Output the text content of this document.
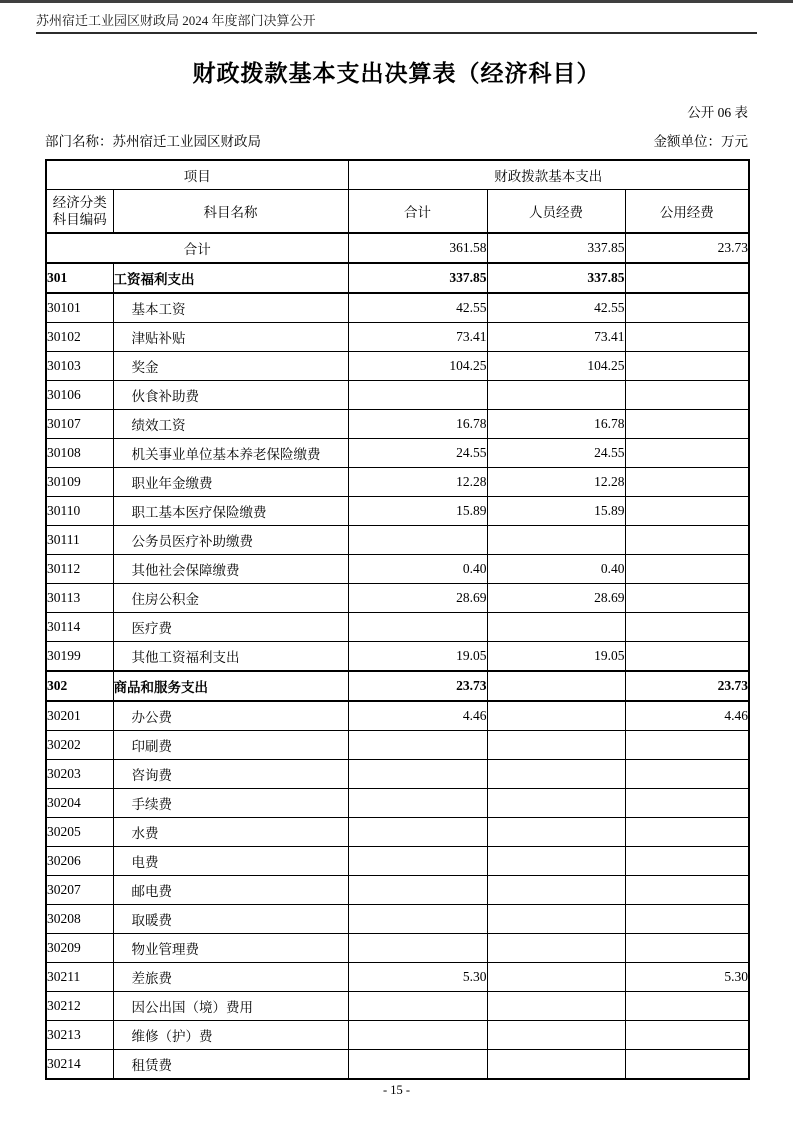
苏州宿迁工业园区财政局 2024 年度部门决算公开
财政拨款基本支出决算表（经济科目）
公开 06 表
部门名称：苏州宿迁工业园区财政局	金额单位：万元
项目		财政拨款基本支出		

经济分类
科目编码	科目名称	合计	人员经费	公用经费
合计		361.58	337.85	23.73
301	工资福利支出	337.85	337.85	
30101	基本工资	42.55	42.55	
30102	津贴补贴	73.41	73.41	
30103	奖金	104.25	104.25	
30106	伙食补助费			
30107	绩效工资	16.78	16.78	
30108	机关事业单位基本养老保险缴费	24.55	24.55	
30109	职业年金缴费	12.28	12.28	
30110	职工基本医疗保险缴费	15.89	15.89	
30111	公务员医疗补助缴费			
30112	其他社会保障缴费	0.40	0.40	
30113	住房公积金	28.69	28.69	
30114	医疗费			
30199	其他工资福利支出	19.05	19.05	
302	商品和服务支出	23.73		23.73
30201	办公费	4.46		4.46
30202	印刷费			
30203	咨询费			
30204	手续费			
30205	水费			
30206	电费			
30207	邮电费			
30208	取暖费			
30209	物业管理费			
30211	差旅费	5.30		5.30
30212	因公出国（境）费用			
30213	维修（护）费			
30214	租赁费			
- 15 -
